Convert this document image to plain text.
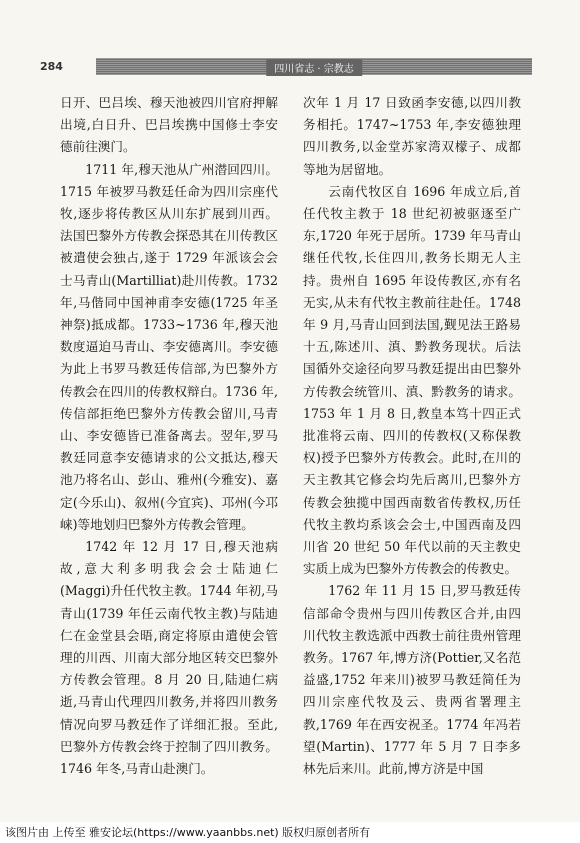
284	四川省志 · 宗教志

日开、巴吕埃、穆天池被四川官府押解出境,白日升、巴吕埃携中国修士李安德前往澳门。

1711 年,穆天池从广州潜回四川。1715 年被罗马教廷任命为四川宗座代牧,逐步将传教区从川东扩展到川西。法国巴黎外方传教会探恐其在川传教区被遣使会独占,遂于 1729 年派该会会士马青山(Martilliat)赴川传教。1732 年,马偕同中国神甫李安德(1725 年圣神祭)抵成都。1733~1736 年,穆天池数度逼迫马青山、李安德离川。李安德为此上书罗马教廷传信部,为巴黎外方传教会在四川的传教权辩白。1736 年,传信部拒绝巴黎外方传教会留川,马青山、李安德皆已准备离去。翌年,罗马教廷同意李安德请求的公文抵达,穆天池乃将名山、彭山、雅州(今雅安)、嘉定(今乐山)、叙州(今宜宾)、邛州(今邛崃)等地划归巴黎外方传教会管理。

1742 年 12 月 17 日,穆天池病故,意大利多明我会会士陆迪仁(Maggi)升任代牧主教。1744 年初,马青山(1739 年任云南代牧主教)与陆迪仁在金堂县会晤,商定将原由遣使会管理的川西、川南大部分地区转交巴黎外方传教会管理。8 月 20 日,陆迪仁病逝,马青山代理四川教务,并将四川教务情况向罗马教廷作了详细汇报。至此,巴黎外方传教会终于控制了四川教务。1746 年冬,马青山赴澳门。

次年 1 月 17 日致函李安德,以四川教务相托。1747~1753 年,李安德独理四川教务,以金堂苏家湾双檬子、成都等地为居留地。

云南代牧区自 1696 年成立后,首任代牧主教于 18 世纪初被驱逐至广东,1720 年死于居所。1739 年马青山继任代牧,长住四川,教务长期无人主持。贵州自 1695 年设传教区,亦有名无实,从未有代牧主教前往赴任。1748 年 9 月,马青山回到法国,觐见法王路易十五,陈述川、滇、黔教务现状。后法国循外交途径向罗马教廷提出由巴黎外方传教会统管川、滇、黔教务的请求。1753 年 1 月 8 日,教皇本笃十四正式批准将云南、四川的传教权(又称保教权)授予巴黎外方传教会。此时,在川的天主教其它修会均先后离川,巴黎外方传教会独揽中国西南数省传教权,历任代牧主教均系该会会士,中国西南及四川省 20 世纪 50 年代以前的天主教史实质上成为巴黎外方传教会的传教史。

1762 年 11 月 15 日,罗马教廷传信部命令贵州与四川传教区合并,由四川代牧主教选派中西教士前往贵州管理教务。1767 年,博方济(Pottier,又名范益盛,1752 年来川)被罗马教廷简任为四川宗座代牧及云、贵两省署理主教,1769 年在西安祝圣。1774 年冯若望(Martin)、1777 年 5 月 7 日李多林先后来川。此前,博方济是中国

该图片由 上传至 雅安论坛(https://www.yaanbbs.net) 版权归原创者所有
